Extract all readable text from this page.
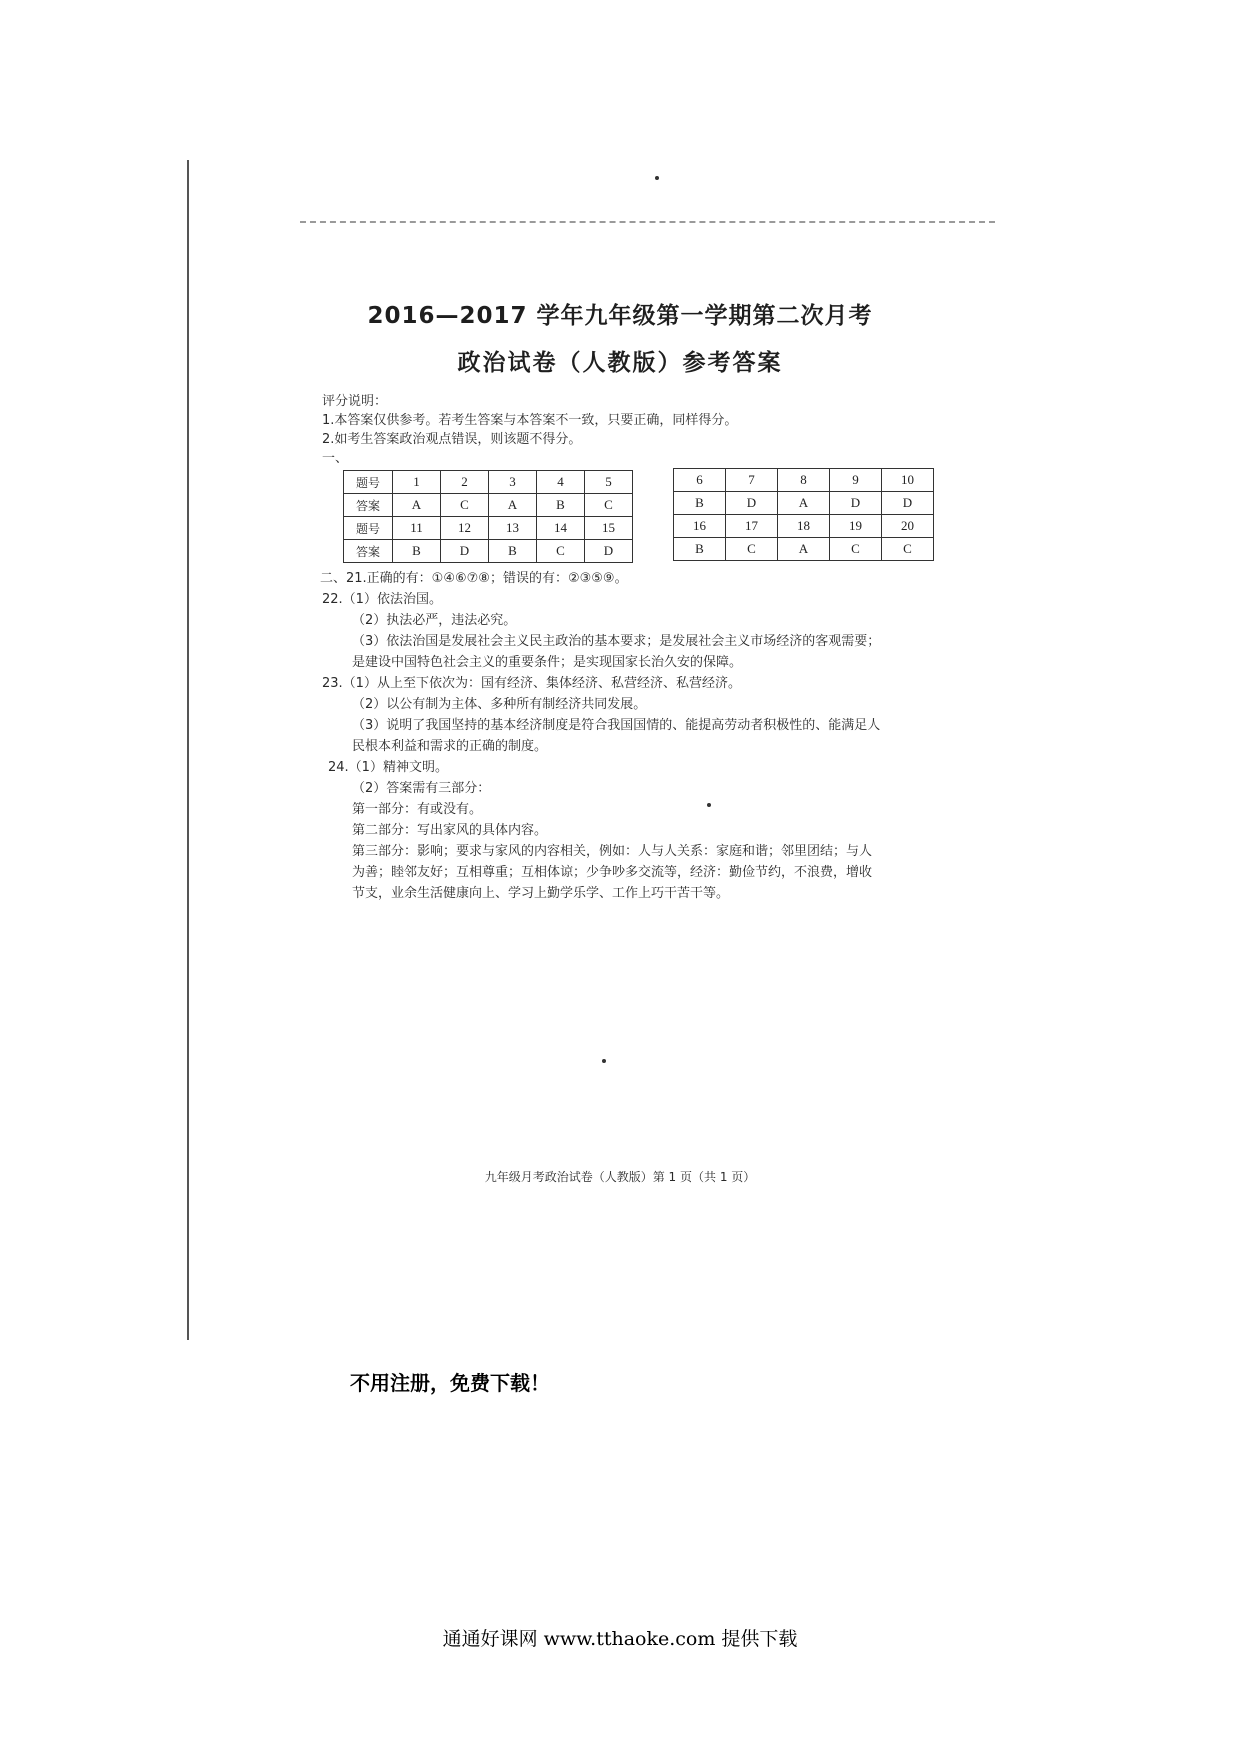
2016—2017 学年九年级第一学期第二次月考
政治试卷（人教版）参考答案
评分说明：
1.本答案仅供参考。若考生答案与本答案不一致，只要正确，同样得分。
2.如考生答案政治观点错误，则该题不得分。
一、
二、21.正确的有：①④⑥⑦⑧；错误的有：②③⑤⑨。
22.（1）依法治国。
（2）执法必严，违法必究。
（3）依法治国是发展社会主义民主政治的基本要求；是发展社会主义市场经济的客观需要；
是建设中国特色社会主义的重要条件；是实现国家长治久安的保障。
23.（1）从上至下依次为：国有经济、集体经济、私营经济、私营经济。
（2）以公有制为主体、多种所有制经济共同发展。
（3）说明了我国坚持的基本经济制度是符合我国国情的、能提高劳动者积极性的、能满足人
民根本利益和需求的正确的制度。
24.（1）精神文明。
（2）答案需有三部分：
第一部分：有或没有。
第二部分：写出家风的具体内容。
第三部分：影响；要求与家风的内容相关，例如：人与人关系：家庭和谐；邻里团结；与人
为善；睦邻友好；互相尊重；互相体谅；少争吵多交流等，经济：勤俭节约，不浪费，增收
节支，业余生活健康向上、学习上勤学乐学、工作上巧干苦干等。
题号	1	2	3	4	5
答案	A	C	A	B	C
题号	11	12	13	14	15
答案	B	D	B	C	D
6	7	8	9	10
B	D	A	D	D
16	17	18	19	20
B	C	A	C	C
九年级月考政治试卷（人教版）第 1 页（共 1 页）
不用注册，免费下载！
通通好课网 www.tthaoke.com 提供下载
